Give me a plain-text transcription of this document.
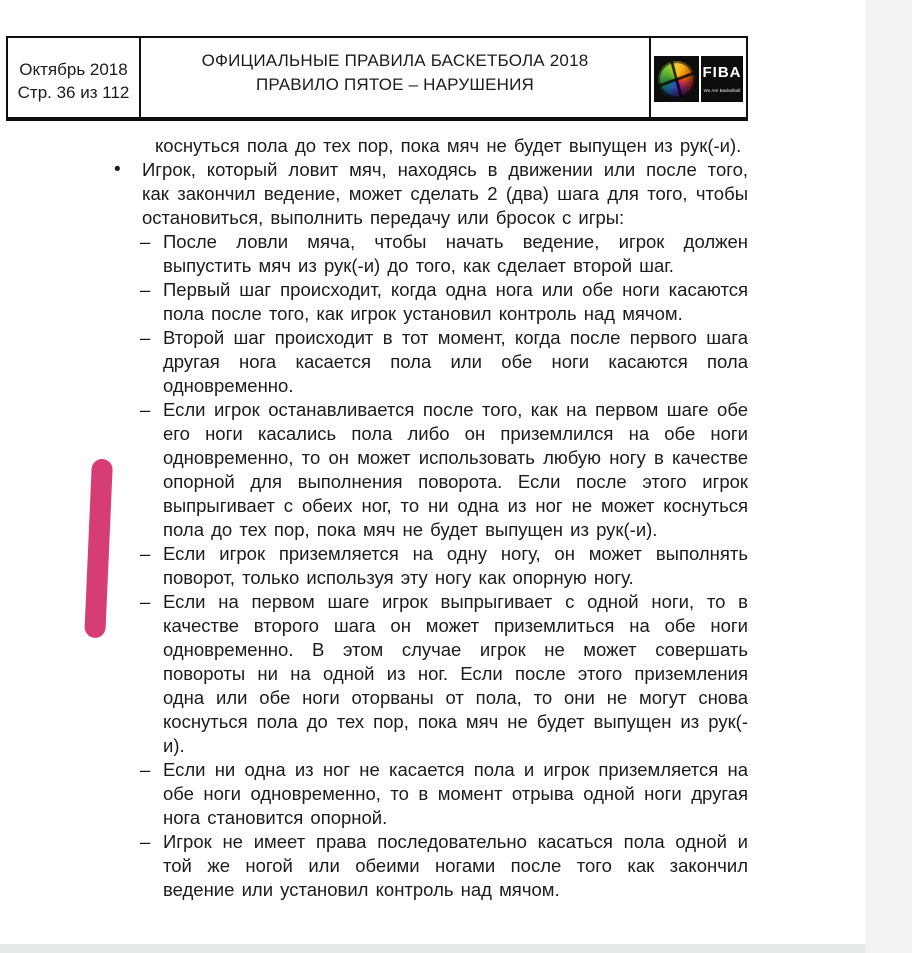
Октябрь 2018
Стр. 36 из 112
ОФИЦИАЛЬНЫЕ ПРАВИЛА БАСКЕТБОЛА 2018
ПРАВИЛО ПЯТОЕ – НАРУШЕНИЯ
FIBA
We Are Basketball
коснуться пола до тех пор, пока мяч не будет выпущен из рук(-и).
• Игрок, который ловит мяч, находясь в движении или после того, как закончил ведение, может сделать 2 (два) шага для того, чтобы остановиться, выполнить передачу или бросок с игры:
– После ловли мяча, чтобы начать ведение, игрок должен выпустить мяч из рук(-и) до того, как сделает второй шаг.
– Первый шаг происходит, когда одна нога или обе ноги касаются пола после того, как игрок установил контроль над мячом.
– Второй шаг происходит в тот момент, когда после первого шага другая нога касается пола или обе ноги касаются пола одновременно.
– Если игрок останавливается после того, как на первом шаге обе его ноги касались пола либо он приземлился на обе ноги одновременно, то он может использовать любую ногу в качестве опорной для выполнения поворота. Если после этого игрок выпрыгивает с обеих ног, то ни одна из ног не может коснуться пола до тех пор, пока мяч не будет выпущен из рук(-и).
– Если игрок приземляется на одну ногу, он может выполнять поворот, только используя эту ногу как опорную ногу.
– Если на первом шаге игрок выпрыгивает с одной ноги, то в качестве второго шага он может приземлиться на обе ноги одновременно. В этом случае игрок не может совершать повороты ни на одной из ног. Если после этого приземления одна или обе ноги оторваны от пола, то они не могут снова коснуться пола до тех пор, пока мяч не будет выпущен из рук(-и).
– Если ни одна из ног не касается пола и игрок приземляется на обе ноги одновременно, то в момент отрыва одной ноги другая нога становится опорной.
– Игрок не имеет права последовательно касаться пола одной и той же ногой или обеими ногами после того как закончил ведение или установил контроль над мячом.
